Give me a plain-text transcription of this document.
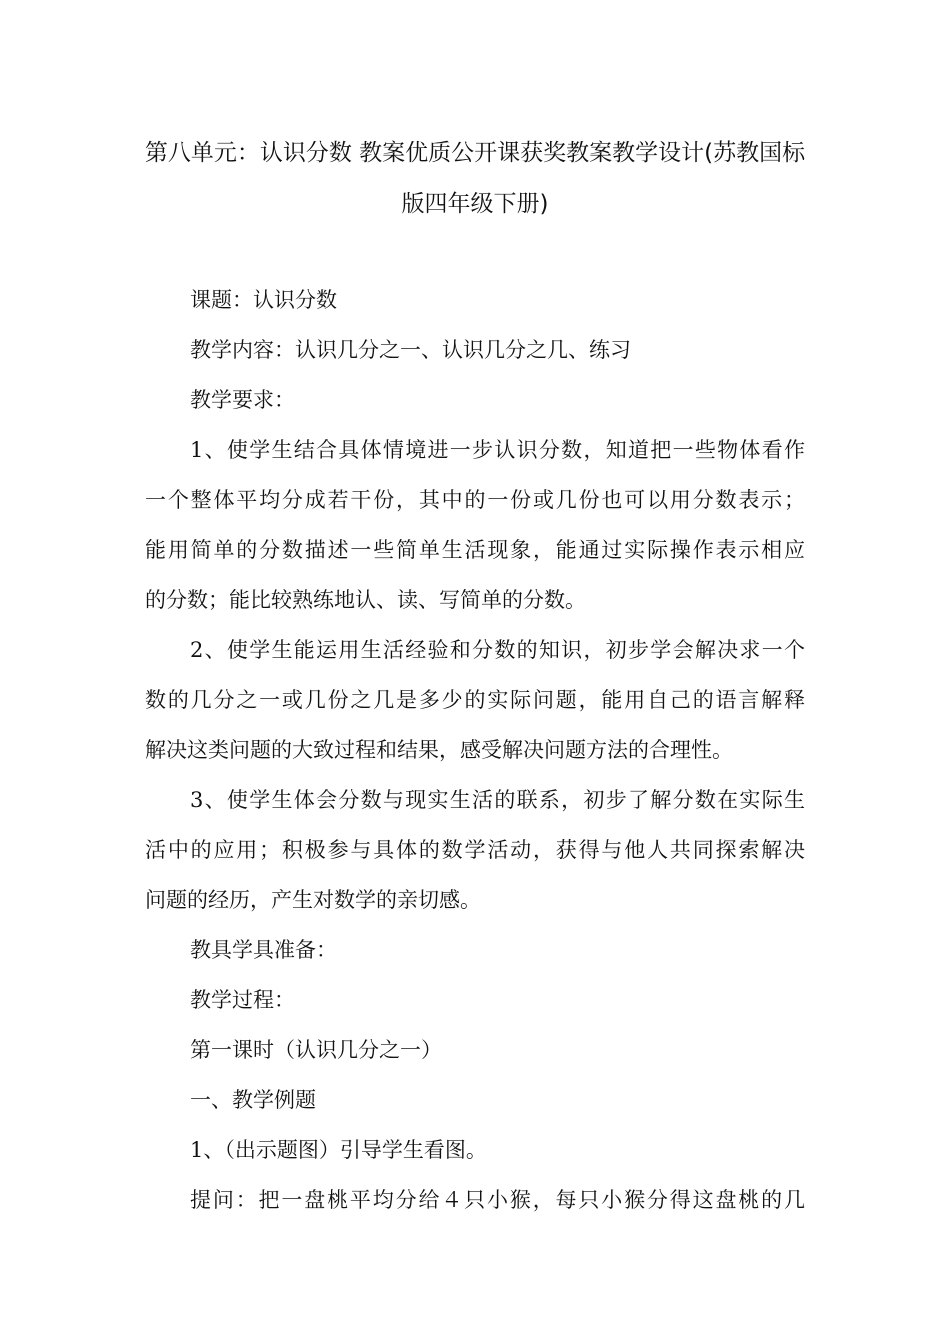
第八单元：认识分数 教案优质公开课获奖教案教学设计(苏教国标
版四年级下册)
课题：认识分数
教学内容：认识几分之一、认识几分之几、练习
教学要求：
1、使学生结合具体情境进一步认识分数，知道把一些物体看作
一个整体平均分成若干份，其中的一份或几份也可以用分数表示；
能用简单的分数描述一些简单生活现象，能通过实际操作表示相应
的分数；能比较熟练地认、读、写简单的分数。
2、使学生能运用生活经验和分数的知识，初步学会解决求一个
数的几分之一或几份之几是多少的实际问题，能用自己的语言解释
解决这类问题的大致过程和结果，感受解决问题方法的合理性。
3、使学生体会分数与现实生活的联系，初步了解分数在实际生
活中的应用；积极参与具体的数学活动，获得与他人共同探索解决
问题的经历，产生对数学的亲切感。
教具学具准备：
教学过程：
第一课时（认识几分之一）
一、教学例题
1、（出示题图）引导学生看图。
提问：把一盘桃平均分给４只小猴，每只小猴分得这盘桃的几
